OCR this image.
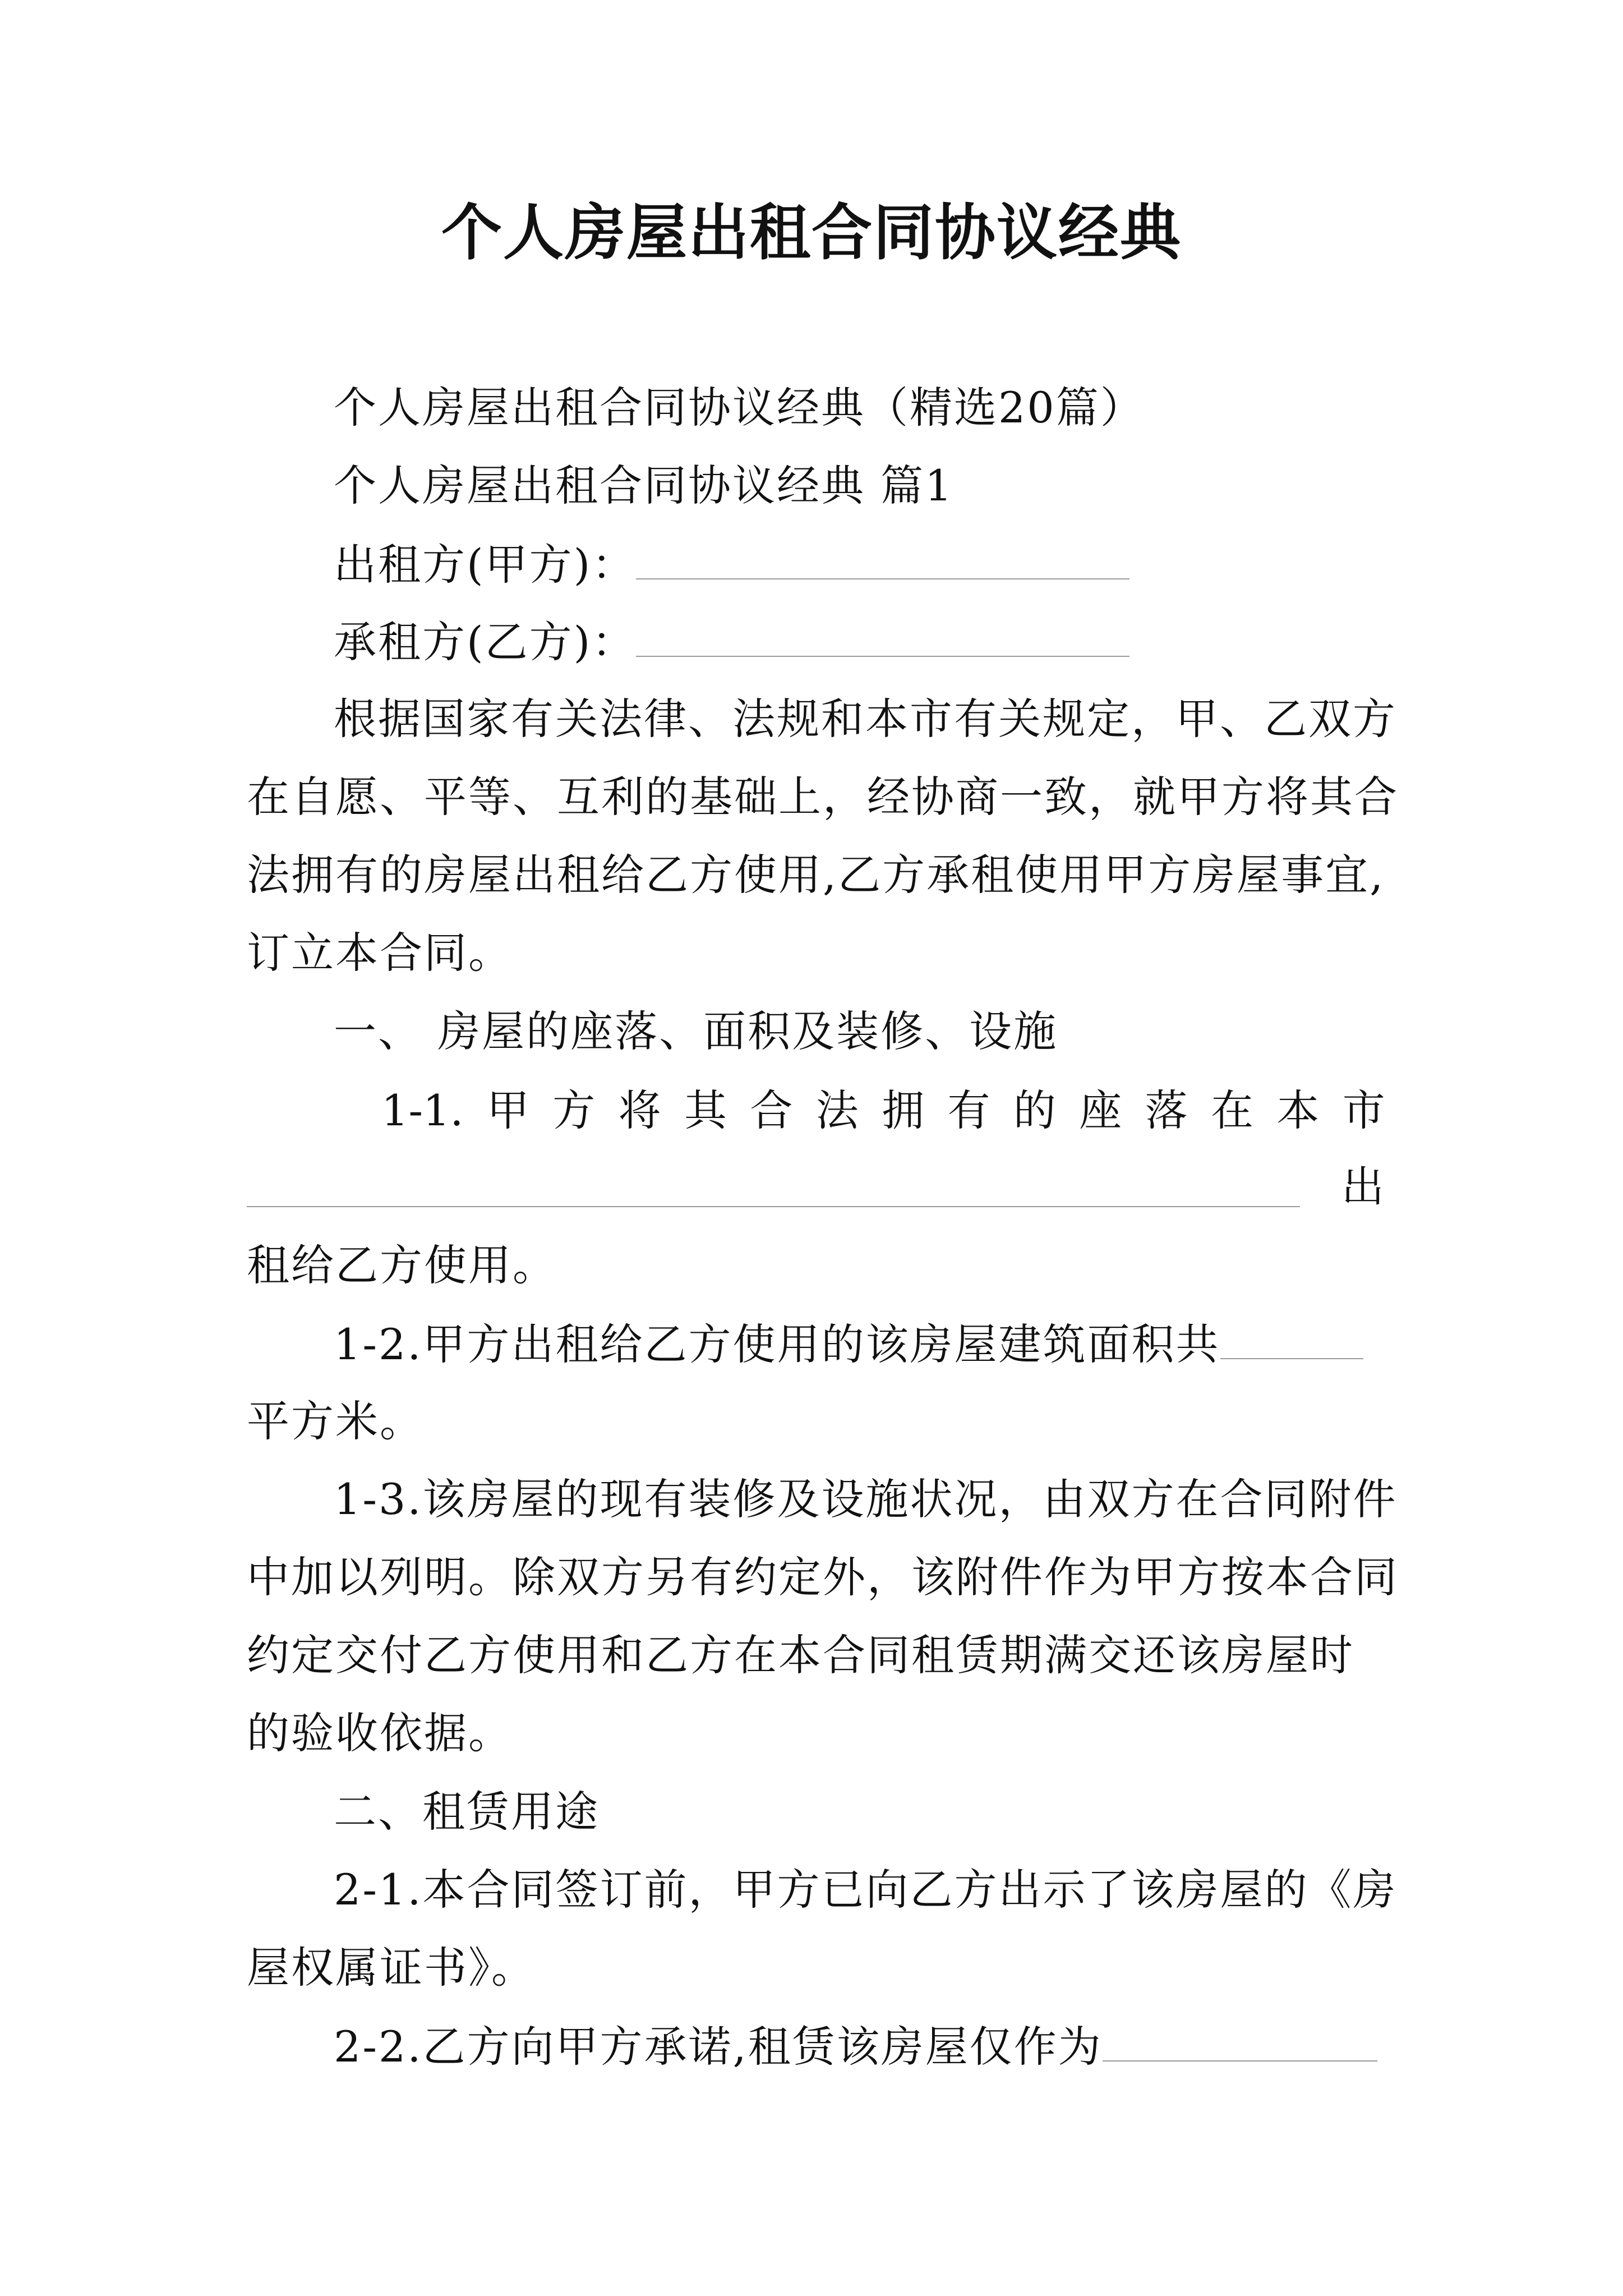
个人房屋出租合同协议经典
个人房屋出租合同协议经典（精选20篇）
个人房屋出租合同协议经典 篇1
出租方(甲方)：
承租方(乙方)：
根据国家有关法律、法规和本市有关规定，甲、乙双方
在自愿、平等、互利的基础上，经协商一致，就甲方将其合
法拥有的房屋出租给乙方使用,乙方承租使用甲方房屋事宜,
订立本合同。
一、 房屋的座落、面积及装修、设施
1-1. 甲 方 将 其 合 法 拥 有 的 座 落 在 本 市
出
租给乙方使用。
1-2.甲方出租给乙方使用的该房屋建筑面积共
平方米。
1-3.该房屋的现有装修及设施状况，由双方在合同附件
中加以列明。除双方另有约定外，该附件作为甲方按本合同
约定交付乙方使用和乙方在本合同租赁期满交还该房屋时
的验收依据。
二、租赁用途
2-1.本合同签订前，甲方已向乙方出示了该房屋的《房
屋权属证书》。
2-2.乙方向甲方承诺,租赁该房屋仅作为
